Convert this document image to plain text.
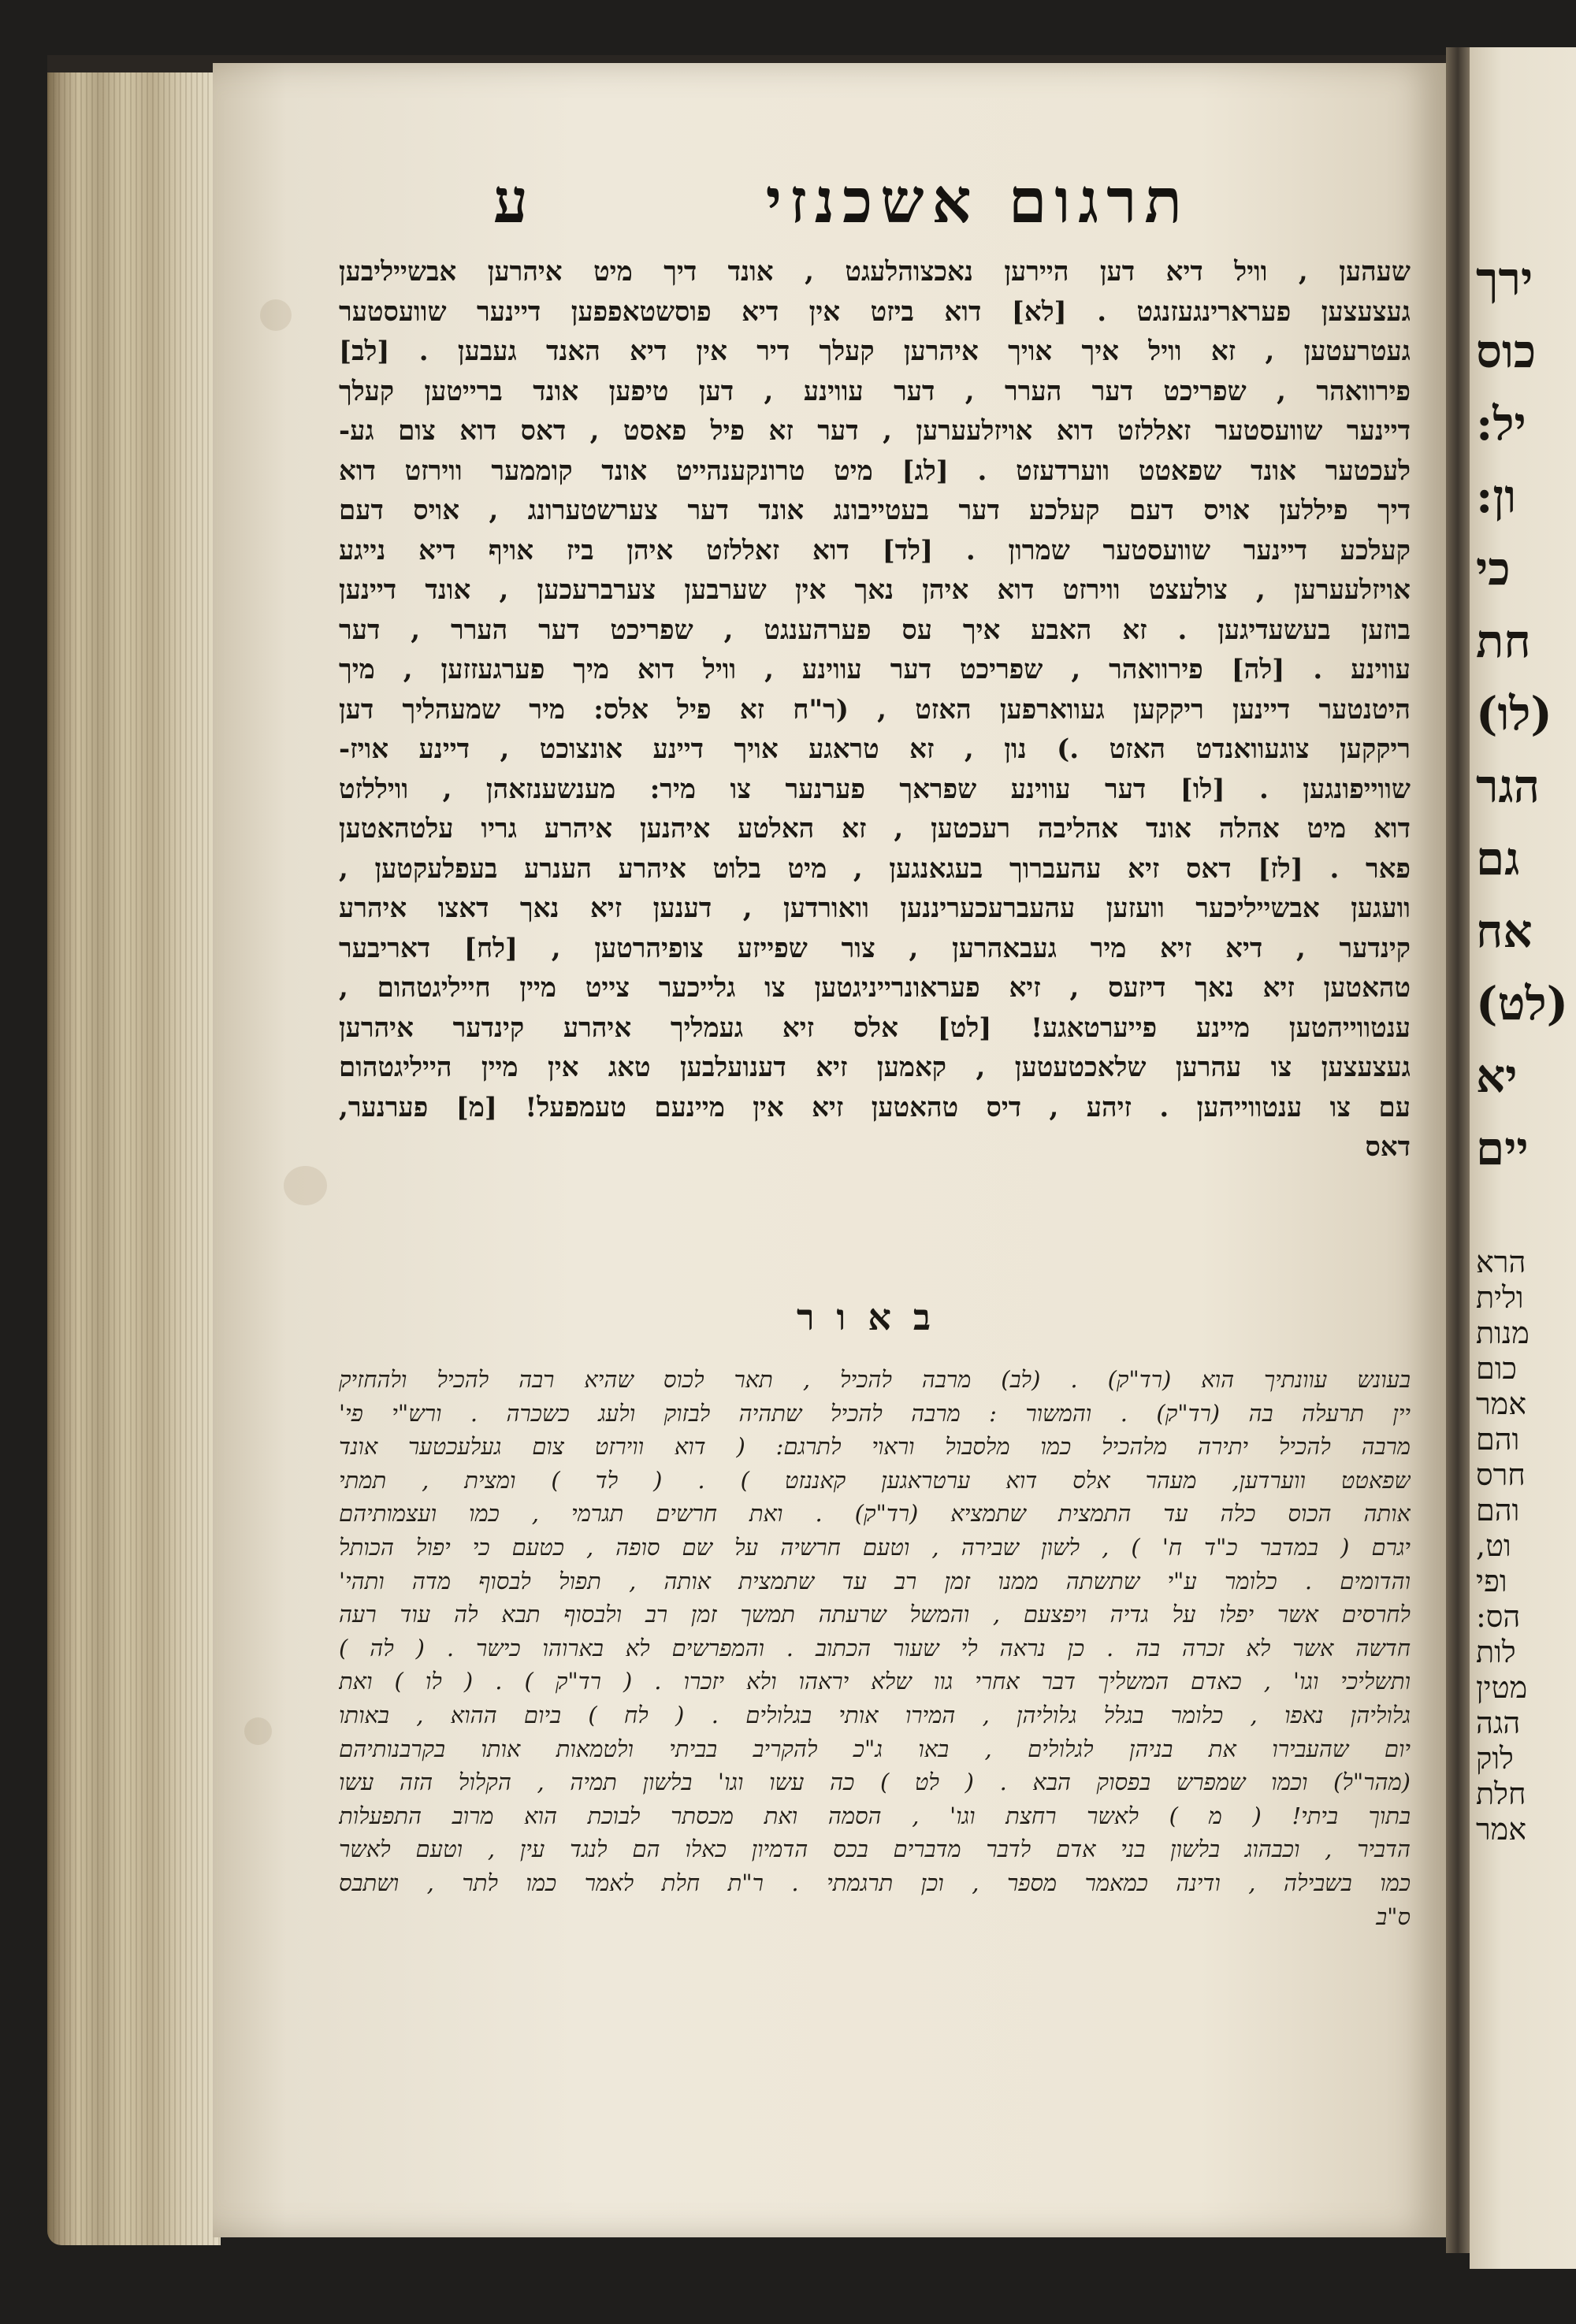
ירך
כוס
יל:
ון:
כי
חת
(לו)
הגר
גם
אח
(לט)
יא
יים
הרא
ולית
מנות
כום
אמר
והם
חרס
והם
וט,
ופי
הס:
לות
מטין
הגה
לוק
חלת
אמר
תרגום אשכנזי
ע
שעהען , וויל דיא דען היירען נאכצוהלעגט , אונד דיך מיט איהרען אבשייליבען
געצעצען פערארינגעזנגט . [לא] דוא ביזט אין דיא פוסשטאפפען דיינער שוועסטער
געטרעטען , זא וויל איך אויך איהרען קעלך דיר אין דיא האנד געבען . [לב]
פירוואהר , שפריכט דער הערר , דער עווינע , דען טיפען אונד ברייטען קעלך
דיינער שוועסטער זאללזט דוא אויזלעערען , דער זא פיל פאסט , דאס דוא צום גע-
לעכטער אונד שפאטט ווערדעזט . [לג] מיט טרונקענהייט אונד קוממער ווירזט דוא
דיך פיללען אויס דעם קעלכע דער בעטייבונג אונד דער צערשטערונג , אויס דעם
קעלכע דיינער שוועסטער שמרון . [לד] דוא זאללזט איהן ביז אויף דיא נייגע
אויזלעערען , צולעצט ווירזט דוא איהן נאך אין שערבען צערברעכען , אונד דיינען
בוזען בעשעדיגען . זא האבע איך עס פערהענגט , שפריכט דער הערר , דער
עווינע . [לה] פירוואהר , שפריכט דער עווינע , וויל דוא מיך פערגעזזען , מיך
היטנטער דיינען ריקקען געווארפען האזט , (ר"ח זא פיל אלס: מיר שמעהליך דען
ריקקען צוגעוואנדט האזט .) נון , זא טראגע אויך דיינע אונצוכט , דיינע אויז-
שווייפונגען . [לו] דער עווינע שפראך פערנער צו מיר: מענשענזאהן , וויללזט
דוא מיט אהלה אונד אהליבה רעכטען , זא האלטע איהנען איהרע גריו עלטהאטען
פאר . [לז] דאס זיא עהעברוך בעגאנגען , מיט בלוט איהרע הענרע בעפלעקטען ,
וועגען אבשייליכער וועזען עהעברעכעריננען וואורדען , דענען זיא נאך דאצו איהרע
קינדער , דיא זיא מיר געבאהרען , צור שפייזע צופיהרטען , [לח] דאריבער
טהאטען זיא נאך דיזעס , זיא פעראונרייניגטען צו גלייכער צייט מיין חייליגטהום ,
ענטווייהטען מיינע פייערטאגע! [לט] אלס זיא געמליך איהרע קינדער איהרען
געצעצען צו עהרען שלאכטעטען , קאמען זיא דענועלבען טאג אין מיין הייליגטהום
עם צו ענטווייהען . זיהע , דיס טהאטען זיא אין מיינעם טעמפעל! [מ] פערנער,
דאס
באור
בעונש עוונתיך הוא (רד"ק) . (לב) מרבה להכיל , תאר לכוס שהיא רבה להכיל ולהחזיק
יין תרעלה בה (רד"ק) . והמשור : מרבה להכיל שתהיה לבזוק ולעג כשכרה . ורש"י פי'
מרבה להכיל יתירה מלהכיל כמו מלסבול וראוי לתרגם: ( דוא ווירזט צום געלעכטער אונד
שפאטט ווערדען, מעהר אלס דוא ערטראגען קאננזט ) . ( לד ) ומצית , תמתי
אותה הכוס כלה עד התמצית שתמציא (רד"ק) . ואת חרשים תגרמי , כמו ועצמותיהם
יגרם ( במדבר כ"ד ח' ) , לשון שבירה , וטעם חרשיה על שם סופה , כטעם כי יפול הכותל
והדומים . כלומר ע"י שתשתה ממנו זמן רב עד שתמצית אותה , תפול לבסוף מדה ותהי'
לחרסים אשר יפלו על גדיה ויפצעם , והמשל שרעתה תמשך זמן רב ולבסוף תבא לה עוד רעה
חדשה אשר לא זכרה בה . כן נראה לי שעור הכתוב . והמפרשים לא בארוהו כישר . ( לה )
ותשליכי וגו' , כאדם המשליך דבר אחרי גוו שלא יראהו ולא יזכרו . ( רד"ק ) . ( לו ) ואת
גלוליהן נאפו , כלומר בגלל גלוליהן , המירו אותי בגלולים . ( לח ) ביום ההוא , באותו
יום שהעבירו את בניהן לגלולים , באו ג"כ להקריב בביתי ולטמאות אותו בקרבנותיהם
(מהר"ל) וכמו שמפרש בפסוק הבא . ( לט ) כה עשו וגו' בלשון תמיה , הקלול הזה עשו
בתוך ביתי! ( מ ) לאשר רחצת וגו' , הסמה ואת מכסתר לבוכת הוא מרוב התפעלות
הדביר , וכבהוג בלשון בני אדם לדבר מדברים בכס הדמיון כאלו הם לנגד עין , וטעם לאשר
כמו בשבילה , ודינה כמאמר מספר , וכן תרגמתי . ר"ת חלת לאמר כמו לתר , ושתבס
ס"ב
